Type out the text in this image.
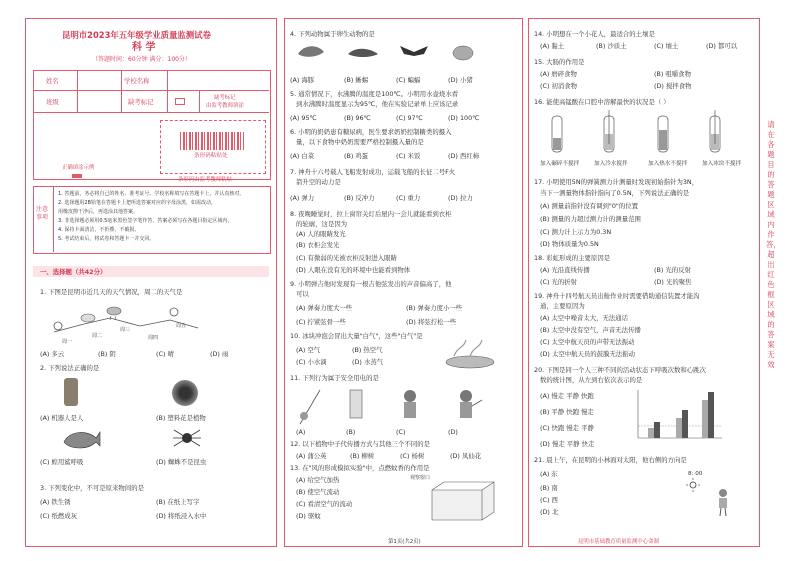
昆明市2023年五年级学业质量监测试卷
科 学
（答题时间：60分钟 满分：100分）
姓名	学校名称
班级	缺考标记	缺考标记
由监考教师填涂
条形码粘贴处
条形码由监考教师粘贴
正确填涂示例
注意事项
1. 答题前，务必将自己的姓名、准考证号、学校名称填写在答题卡上，并认真核对。
2. 选择题用2B铅笔在答题卡上把所选答案对应的字母涂黑，如需改动，
用橡皮擦干净后，再选涂其他答案。
3. 非选择题必须用0.5毫米黑色签字笔作答，答案必须写在各题目指定区域内，
4. 保持卡面清洁，不折叠、不破损。
5. 考试结束后，将试卷和答题卡一并交回。
一、选择题（共42分）
1. 下图是昆明市近几天的天气情况，周二的天气是
周一
周二
周三
周四
周五
(A) 多云	(B) 阴	(C) 晴	(D) 雨
2. 下列说法正确的是
(A) 机器人是人	(B) 塑料花是植物
(C) 蝗用鲨呼吸	(D) 蜘蛛不是昆虫
3. 下列变化中，不可是原来物间的是
(A) 铁生锈	(B) 在纸上写字
(C) 纸燃成灰	(D) 将纸浸入水中
4. 下列动物属于卵生动物的是
(A) 海豚	(B) 蜥蜴	(C) 蝙蝠	(D) 小猪
5. 通常情况下，水沸腾的温度是100℃。小明用水壶烧水看
到水沸腾时温度显示为95℃，他在实验记录单上应该记录
(A) 95℃	(B) 96℃	(C) 97℃	(D) 100℃
6. 小明的奶奶患有糖尿病，医生要求奶奶控制糖类的摄入
量，以下食物中奶奶需要严格控制摄入量的是
(A) 白菜	(B) 鸡蛋	(C) 米饭	(D) 西红柿
7. 神舟十六号载人飞船发射成功，运载飞船的长征二号F火
箭升空的动力是
(A) 弹力	(B) 反冲力	(C) 重力	(D) 拉力
8. 夜晚睡觉时，拉上窗帘关灯后屋内一会儿就能看到衣柜
的轮廓，这是因为
(A) 人的眼睛发光
(B) 衣柜会发光
(C) 有微弱的光被衣柜反射进入眼睛
(D) 人眼在没有光的环境中也能看到物体
9. 小明弹吉他时发现有一根吉他弦发出的声音偏高了，他
可以
(A) 弹奏力度大一些	(B) 弹奏力度小一些
(C) 拧紧弦骨一些	(D) 将弦拧松一些
10. 冰块冲泡会冒出大量"白气"，这些"白气"是
(A) 空气	(B) 热空气
(C) 小水滴	(D) 水蒸气
11. 下列行为属于安全用电的是
(A)	(B)	(C)	(D)
12. 以下植物中子代传播方式与其他三个不同的是
(A) 蒲公英	(B) 柳树	(C) 杨树	(D) 凤仙花
13. 在"风的形成模拟实验"中，点燃蚊香的作用是
(A) 给空气加热
(B) 使空气流动
(C) 看清空气的流动
(D) 驱蚊
观察窗口
14. 小明想在一个小花人，最适合的土壤是
(A) 黏土	(B) 沙质土	(C) 壤土	(D) 都可以
15. 大肠的作用是
(A) 磨碎食物	(B) 咀嚼食物
(C) 初消食物	(D) 搅拌食物
16. 能使高锰酸在口腔中溶解最快的状况是（ ）
加入碾碎不搅拌	加入冷水搅拌	加入热水不搅拌	加入冰块不搅拌
17. 小明使用5N的弹簧测力计测量时发现初始指针为3N，
当下一测量物体指针指向了0.5N，下列说法正确的是
(A) 测量前指针没有调到"0"的位置
(B) 测量的力超过测力计的测量范围
(C) 测力计上示力为0.3N
(D) 物体质量为0.5N
18. 彩虹形成的主要原因是
(A) 光沿直线传播	(B) 光的反射
(C) 光的折射	(D) 光的聚焦
19. 神舟十四号航天员出舱作业时需要借助通信装置才能沟
通，主要原因为
(A) 太空中噪音太大，无法通话
(B) 太空中没有空气，声音无法传播
(C) 太空中航天员的声带无法振动
(D) 太空中航天员的鼓膜无法振动
20. 下图是同一个人三种不同的活动状态下呼吸次数和心跳次
数的统计图，从左到右依次表示的是
(A) 慢走 平静 快跑
(B) 平静 快跑 慢走
(C) 快跑 慢走 平静
(D) 慢走 平静 快走
21. 晨上午，在昆明的小林面对太阳，他右侧的方向是
(A) 东
(B) 南
(C) 西
(D) 北
8: 00
请在各题目的答题区域内作答，超出红色框区域的答案无效
第1页(共2页)	昆明市基础教育质量监测中心命制
